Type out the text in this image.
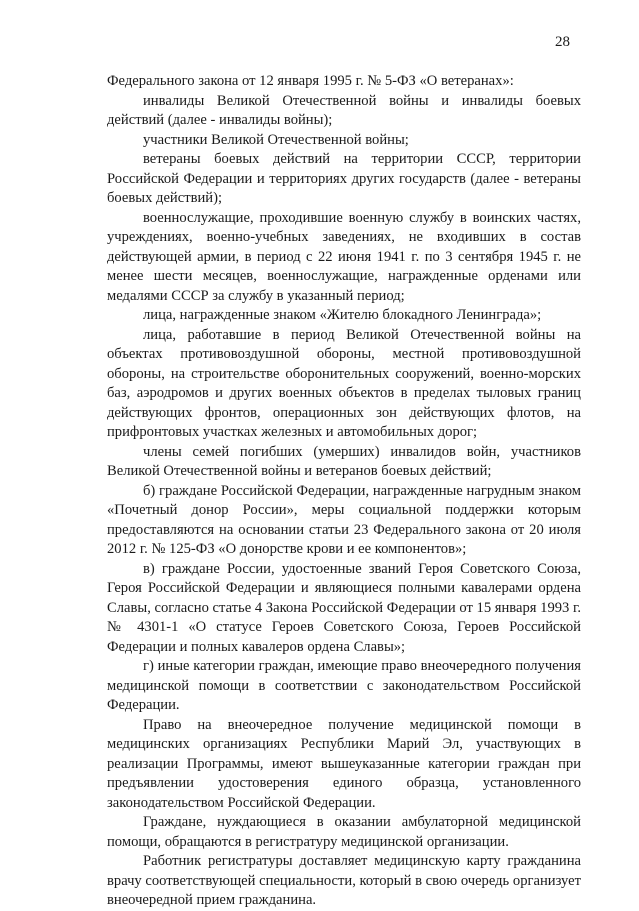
28

Федерального закона от 12 января 1995 г. № 5-ФЗ «О ветеранах»:

инвалиды Великой Отечественной войны и инвалиды боевых действий (далее - инвалиды войны);

участники Великой Отечественной войны;

ветераны боевых действий на территории СССР, территории Российской Федерации и территориях других государств (далее - ветераны боевых действий);

военнослужащие, проходившие военную службу в воинских частях, учреждениях, военно-учебных заведениях, не входивших в состав действующей армии, в период с 22 июня 1941 г. по 3 сентября 1945 г. не менее шести месяцев, военнослужащие, награжденные орденами или медалями СССР за службу в указанный период;

лица, награжденные знаком «Жителю блокадного Ленинграда»;

лица, работавшие в период Великой Отечественной войны на объектах противовоздушной обороны, местной противовоздушной обороны, на строительстве оборонительных сооружений, военно-морских баз, аэродромов и других военных объектов в пределах тыловых границ действующих фронтов, операционных зон действующих флотов, на прифронтовых участках железных и автомобильных дорог;

члены семей погибших (умерших) инвалидов войн, участников Великой Отечественной войны и ветеранов боевых действий;

б) граждане Российской Федерации, награжденные нагрудным знаком «Почетный донор России», меры социальной поддержки которым предоставляются на основании статьи 23 Федерального закона от 20 июля 2012 г. № 125-ФЗ «О донорстве крови и ее компонентов»;

в) граждане России, удостоенные званий Героя Советского Союза, Героя Российской Федерации и являющиеся полными кавалерами ордена Славы, согласно статье 4 Закона Российской Федерации от 15 января 1993 г. № 4301-1 «О статусе Героев Советского Союза, Героев Российской Федерации и полных кавалеров ордена Славы»;

г) иные категории граждан, имеющие право внеочередного получения медицинской помощи в соответствии с законодательством Российской Федерации.

Право на внеочередное получение медицинской помощи в медицинских организациях Республики Марий Эл, участвующих в реализации Программы, имеют вышеуказанные категории граждан при предъявлении удостоверения единого образца, установленного законодательством Российской Федерации.

Граждане, нуждающиеся в оказании амбулаторной медицинской помощи, обращаются в регистратуру медицинской организации.

Работник регистратуры доставляет медицинскую карту гражданина врачу соответствующей специальности, который в свою очередь организует внеочередной прием гражданина.
